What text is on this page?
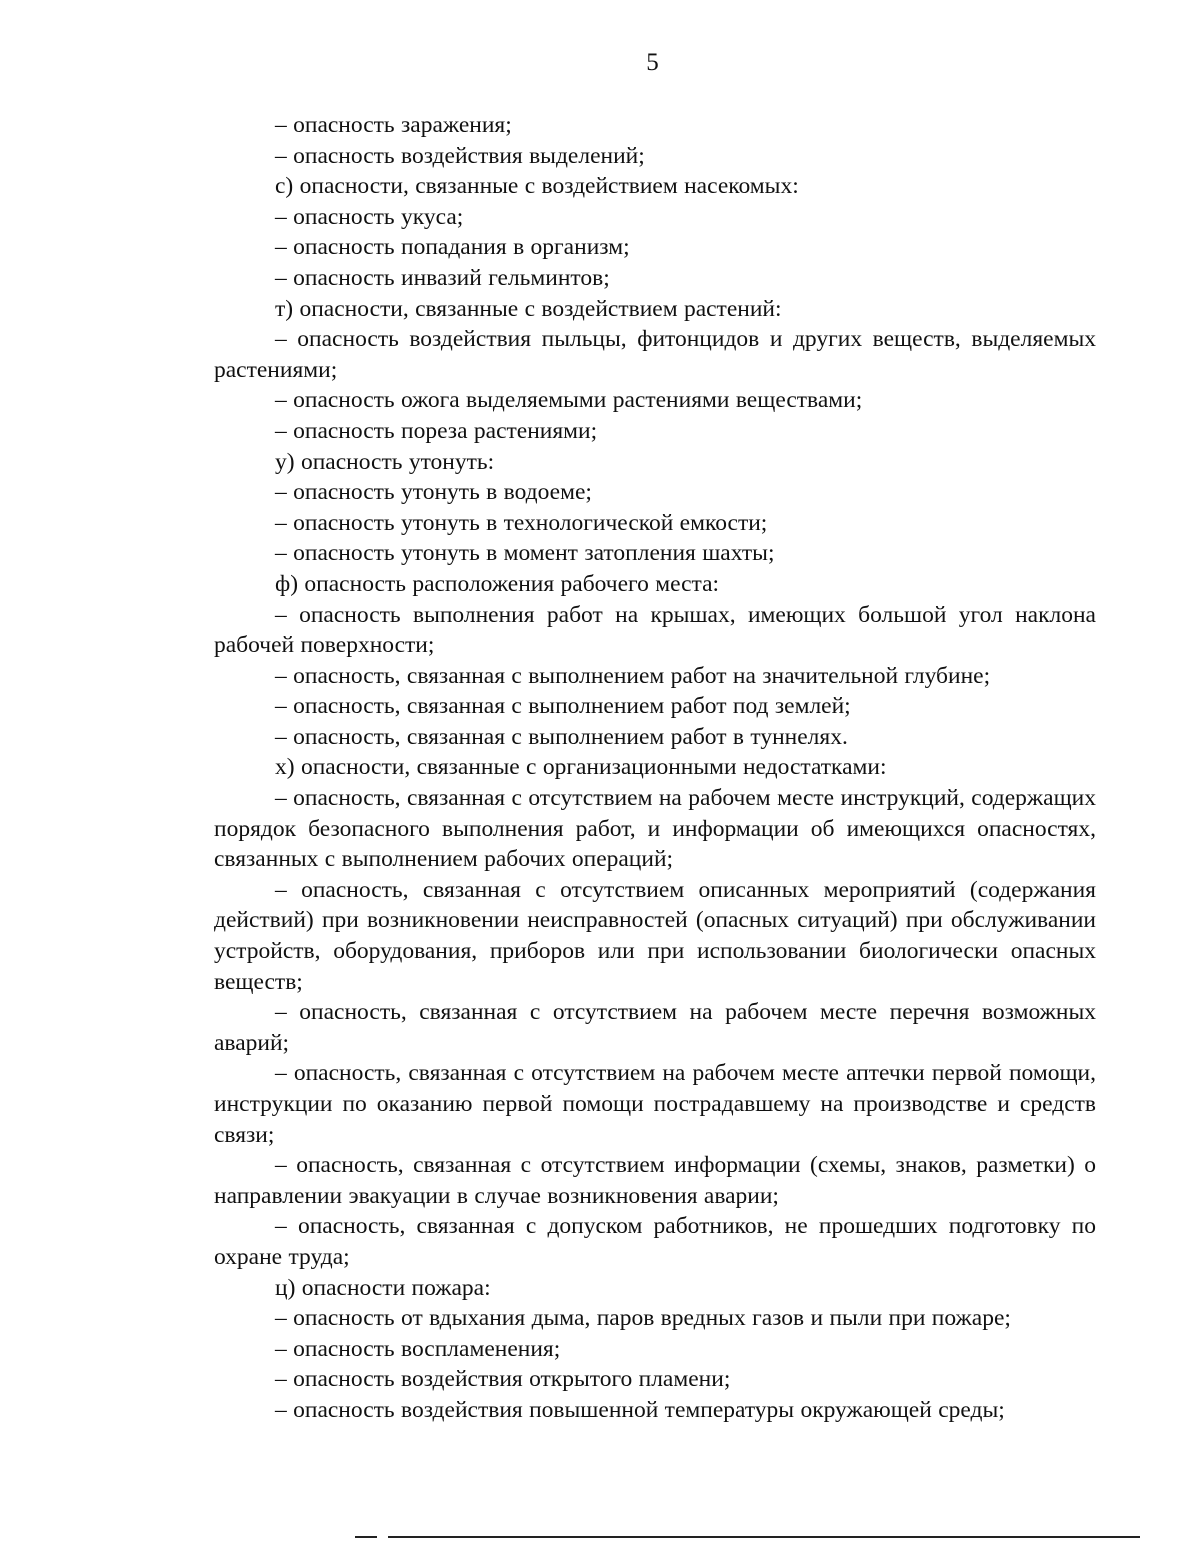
5

– опасность заражения;

– опасность воздействия выделений;

с) опасности, связанные с воздействием насекомых:

– опасность укуса;

– опасность попадания в организм;

– опасность инвазий гельминтов;

т) опасности, связанные с воздействием растений:

– опасность воздействия пыльцы, фитонцидов и других веществ, выделяемых растениями;

– опасность ожога выделяемыми растениями веществами;

– опасность пореза растениями;

у) опасность утонуть:

– опасность утонуть в водоеме;

– опасность утонуть в технологической емкости;

– опасность утонуть в момент затопления шахты;

ф) опасность расположения рабочего места:

– опасность выполнения работ на крышах, имеющих большой угол наклона рабочей поверхности;

– опасность, связанная с выполнением работ на значительной глубине;

– опасность, связанная с выполнением работ под землей;

– опасность, связанная с выполнением работ в туннелях.

х) опасности, связанные с организационными недостатками:

– опасность, связанная с отсутствием на рабочем месте инструкций, содержащих порядок безопасного выполнения работ, и информации об имеющихся опасностях, связанных с выполнением рабочих операций;

– опасность, связанная с отсутствием описанных мероприятий (содержания действий) при возникновении неисправностей (опасных ситуаций) при обслуживании устройств, оборудования, приборов или при использовании биологически опасных веществ;

– опасность, связанная с отсутствием на рабочем месте перечня возможных аварий;

– опасность, связанная с отсутствием на рабочем месте аптечки первой помощи, инструкции по оказанию первой помощи пострадавшему на производстве и средств связи;

– опасность, связанная с отсутствием информации (схемы, знаков, разметки) о направлении эвакуации в случае возникновения аварии;

– опасность, связанная с допуском работников, не прошедших подготовку по охране труда;

ц) опасности пожара:

– опасность от вдыхания дыма, паров вредных газов и пыли при пожаре;

– опасность воспламенения;

– опасность воздействия открытого пламени;

– опасность воздействия повышенной температуры окружающей среды;
